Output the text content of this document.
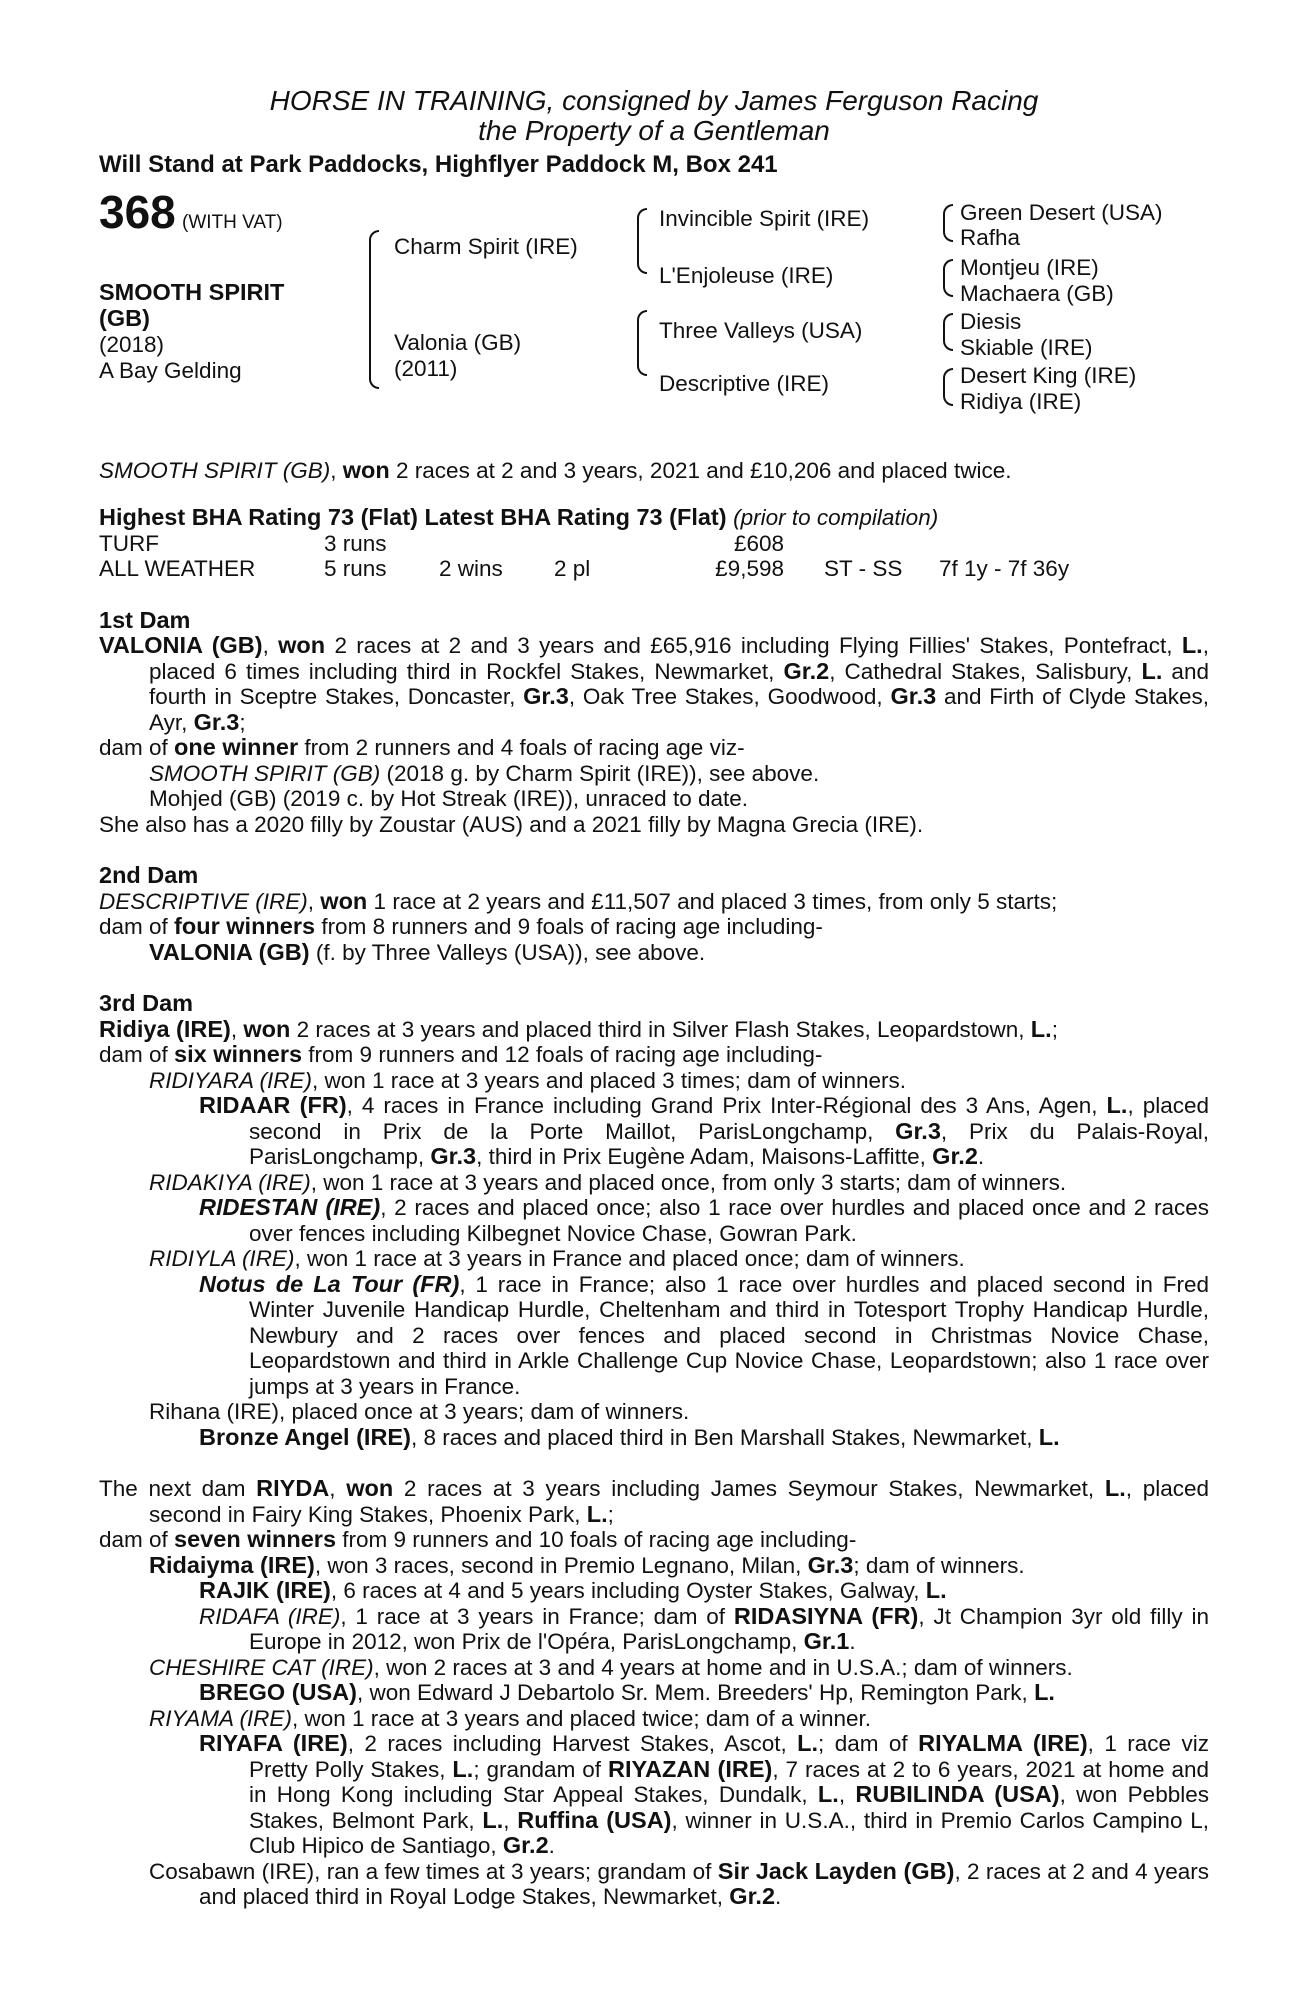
HORSE IN TRAINING, consigned by James Ferguson Racing
the Property of a Gentleman
Will Stand at Park Paddocks, Highflyer Paddock M, Box 241
368 (WITH VAT)
SMOOTH SPIRIT
(GB)
(2018)
A Bay Gelding
Charm Spirit (IRE)
Valonia (GB)
(2011)
Invincible Spirit (IRE)
L'Enjoleuse (IRE)
Three Valleys (USA)
Descriptive (IRE)
Green Desert (USA)
Rafha
Montjeu (IRE)
Machaera (GB)
Diesis
Skiable (IRE)
Desert King (IRE)
Ridiya (IRE)

SMOOTH SPIRIT (GB), won 2 races at 2 and 3 years, 2021 and £10,206 and placed twice.

Highest BHA Rating 73 (Flat) Latest BHA Rating 73 (Flat) (prior to compilation)

TURF	3 runs	£608
ALL WEATHER	5 runs 2 wins 2 pl	£9,598 ST - SS 7f 1y - 7f 36y

1st Dam

VALONIA (GB), won 2 races at 2 and 3 years and £65,916 including Flying Fillies' Stakes, Pontefract, L., placed 6 times including third in Rockfel Stakes, Newmarket, Gr.2, Cathedral Stakes, Salisbury, L. and fourth in Sceptre Stakes, Doncaster, Gr.3, Oak Tree Stakes, Goodwood, Gr.3 and Firth of Clyde Stakes, Ayr, Gr.3;

dam of one winner from 2 runners and 4 foals of racing age viz-

SMOOTH SPIRIT (GB) (2018 g. by Charm Spirit (IRE)), see above.

Mohjed (GB) (2019 c. by Hot Streak (IRE)), unraced to date.

She also has a 2020 filly by Zoustar (AUS) and a 2021 filly by Magna Grecia (IRE).

2nd Dam

DESCRIPTIVE (IRE), won 1 race at 2 years and £11,507 and placed 3 times, from only 5 starts;

dam of four winners from 8 runners and 9 foals of racing age including-

VALONIA (GB) (f. by Three Valleys (USA)), see above.

3rd Dam

Ridiya (IRE), won 2 races at 3 years and placed third in Silver Flash Stakes, Leopardstown, L.;

dam of six winners from 9 runners and 12 foals of racing age including-

RIDIYARA (IRE), won 1 race at 3 years and placed 3 times; dam of winners.

RIDAAR (FR), 4 races in France including Grand Prix Inter-Régional des 3 Ans, Agen, L., placed second in Prix de la Porte Maillot, ParisLongchamp, Gr.3, Prix du Palais-Royal, ParisLongchamp, Gr.3, third in Prix Eugène Adam, Maisons-Laffitte, Gr.2.

RIDAKIYA (IRE), won 1 race at 3 years and placed once, from only 3 starts; dam of winners.

RIDESTAN (IRE), 2 races and placed once; also 1 race over hurdles and placed once and 2 races over fences including Kilbegnet Novice Chase, Gowran Park.

RIDIYLA (IRE), won 1 race at 3 years in France and placed once; dam of winners.

Notus de La Tour (FR), 1 race in France; also 1 race over hurdles and placed second in Fred Winter Juvenile Handicap Hurdle, Cheltenham and third in Totesport Trophy Handicap Hurdle, Newbury and 2 races over fences and placed second in Christmas Novice Chase, Leopardstown and third in Arkle Challenge Cup Novice Chase, Leopardstown; also 1 race over jumps at 3 years in France.

Rihana (IRE), placed once at 3 years; dam of winners.

Bronze Angel (IRE), 8 races and placed third in Ben Marshall Stakes, Newmarket, L.

The next dam RIYDA, won 2 races at 3 years including James Seymour Stakes, Newmarket, L., placed second in Fairy King Stakes, Phoenix Park, L.;

dam of seven winners from 9 runners and 10 foals of racing age including-

Ridaiyma (IRE), won 3 races, second in Premio Legnano, Milan, Gr.3; dam of winners.

RAJIK (IRE), 6 races at 4 and 5 years including Oyster Stakes, Galway, L.

RIDAFA (IRE), 1 race at 3 years in France; dam of RIDASIYNA (FR), Jt Champion 3yr old filly in Europe in 2012, won Prix de l'Opéra, ParisLongchamp, Gr.1.

CHESHIRE CAT (IRE), won 2 races at 3 and 4 years at home and in U.S.A.; dam of winners.

BREGO (USA), won Edward J Debartolo Sr. Mem. Breeders' Hp, Remington Park, L.

RIYAMA (IRE), won 1 race at 3 years and placed twice; dam of a winner.

RIYAFA (IRE), 2 races including Harvest Stakes, Ascot, L.; dam of RIYALMA (IRE), 1 race viz Pretty Polly Stakes, L.; grandam of RIYAZAN (IRE), 7 races at 2 to 6 years, 2021 at home and in Hong Kong including Star Appeal Stakes, Dundalk, L., RUBILINDA (USA), won Pebbles Stakes, Belmont Park, L., Ruffina (USA), winner in U.S.A., third in Premio Carlos Campino L, Club Hipico de Santiago, Gr.2.

Cosabawn (IRE), ran a few times at 3 years; grandam of Sir Jack Layden (GB), 2 races at 2 and 4 years and placed third in Royal Lodge Stakes, Newmarket, Gr.2.
